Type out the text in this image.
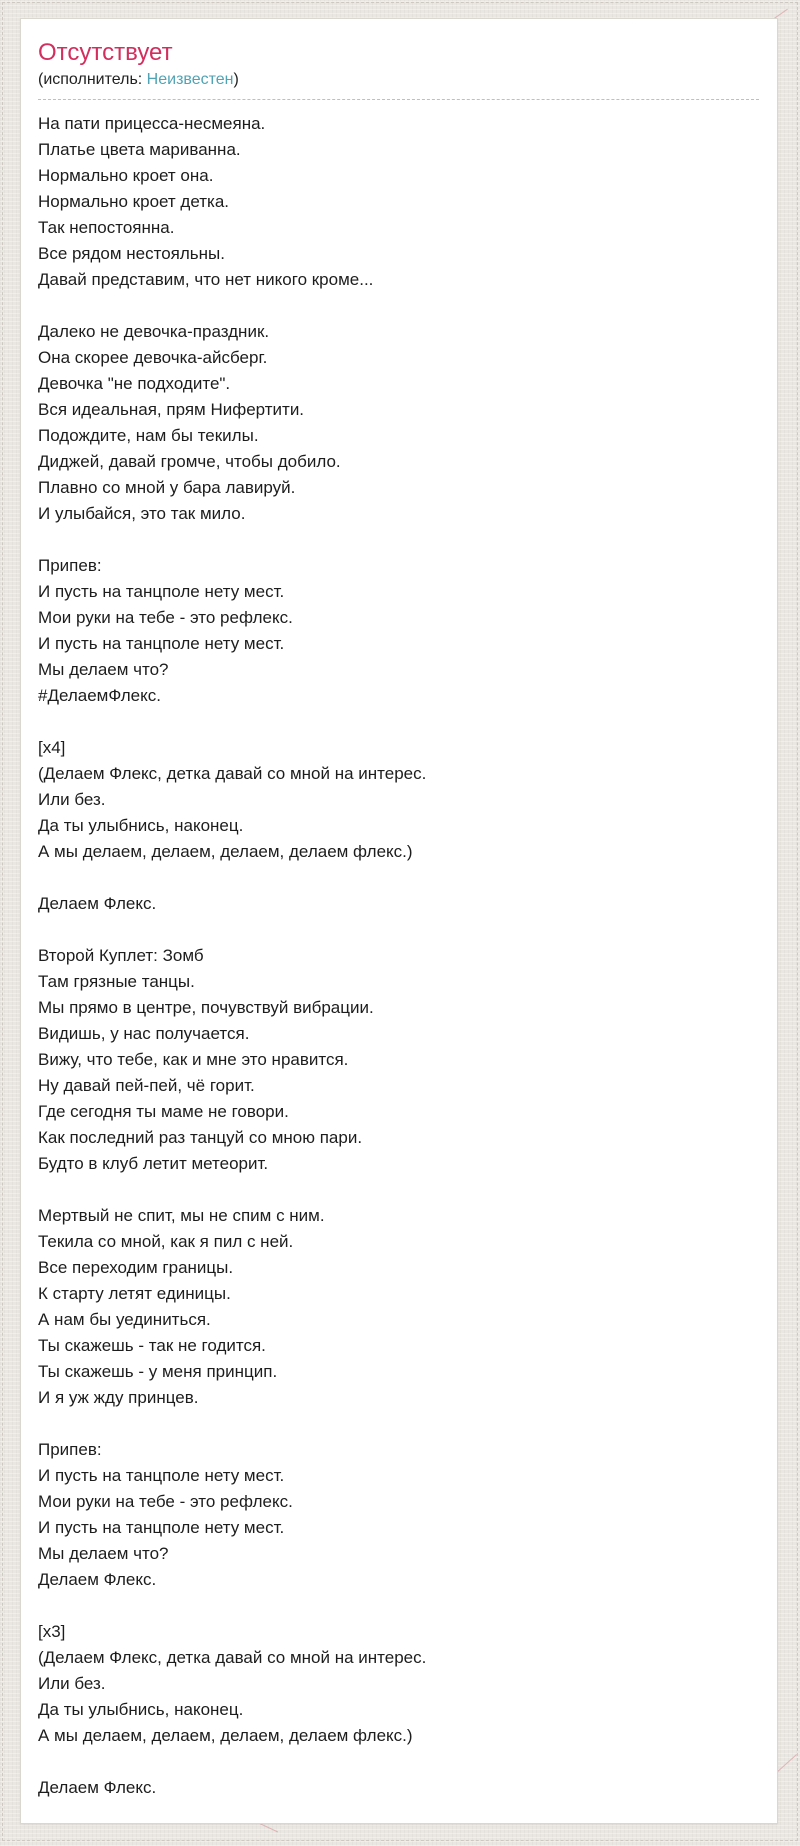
Отсутствует
(исполнитель: Неизвестен)
На пати прицесса-несмеяна.
Платье цвета мариванна.
Нормально кроет она.
Нормально кроет детка.
Так непостоянна.
Все рядом нестояльны.
Давай представим, что нет никого кроме...
Далеко не девочка-праздник.
Она скорее девочка-айсберг.
Девочка "не подходите".
Вся идеальная, прям Нифертити.
Подождите, нам бы текилы.
Диджей, давай громче, чтобы добило.
Плавно со мной у бара лавируй.
И улыбайся, это так мило.
Припев:
И пусть на танцполе нету мест.
Мои руки на тебе - это рефлекс.
И пусть на танцполе нету мест.
Мы делаем что?
#ДелаемФлекс.
[x4]
(Делаем Флекс, детка давай со мной на интерес.
Или без.
Да ты улыбнись, наконец.
А мы делаем, делаем, делаем, делаем флекс.)
Делаем Флекс.
Второй Куплет: Зомб
Там грязные танцы.
Мы прямо в центре, почувствуй вибрации.
Видишь, у нас получается.
Вижу, что тебе, как и мне это нравится.
Ну давай пей-пей, чё горит.
Где сегодня ты маме не говори.
Как последний раз танцуй со мною пари.
Будто в клуб летит метеорит.
Мертвый не спит, мы не спим с ним.
Текила со мной, как я пил с ней.
Все переходим границы.
К старту летят единицы.
А нам бы уединиться.
Ты скажешь - так не годится.
Ты скажешь - у меня принцип.
И я уж жду принцев.
Припев:
И пусть на танцполе нету мест.
Мои руки на тебе - это рефлекс.
И пусть на танцполе нету мест.
Мы делаем что?
Делаем Флекс.
[x3]
(Делаем Флекс, детка давай со мной на интерес.
Или без.
Да ты улыбнись, наконец.
А мы делаем, делаем, делаем, делаем флекс.)
Делаем Флекс.
